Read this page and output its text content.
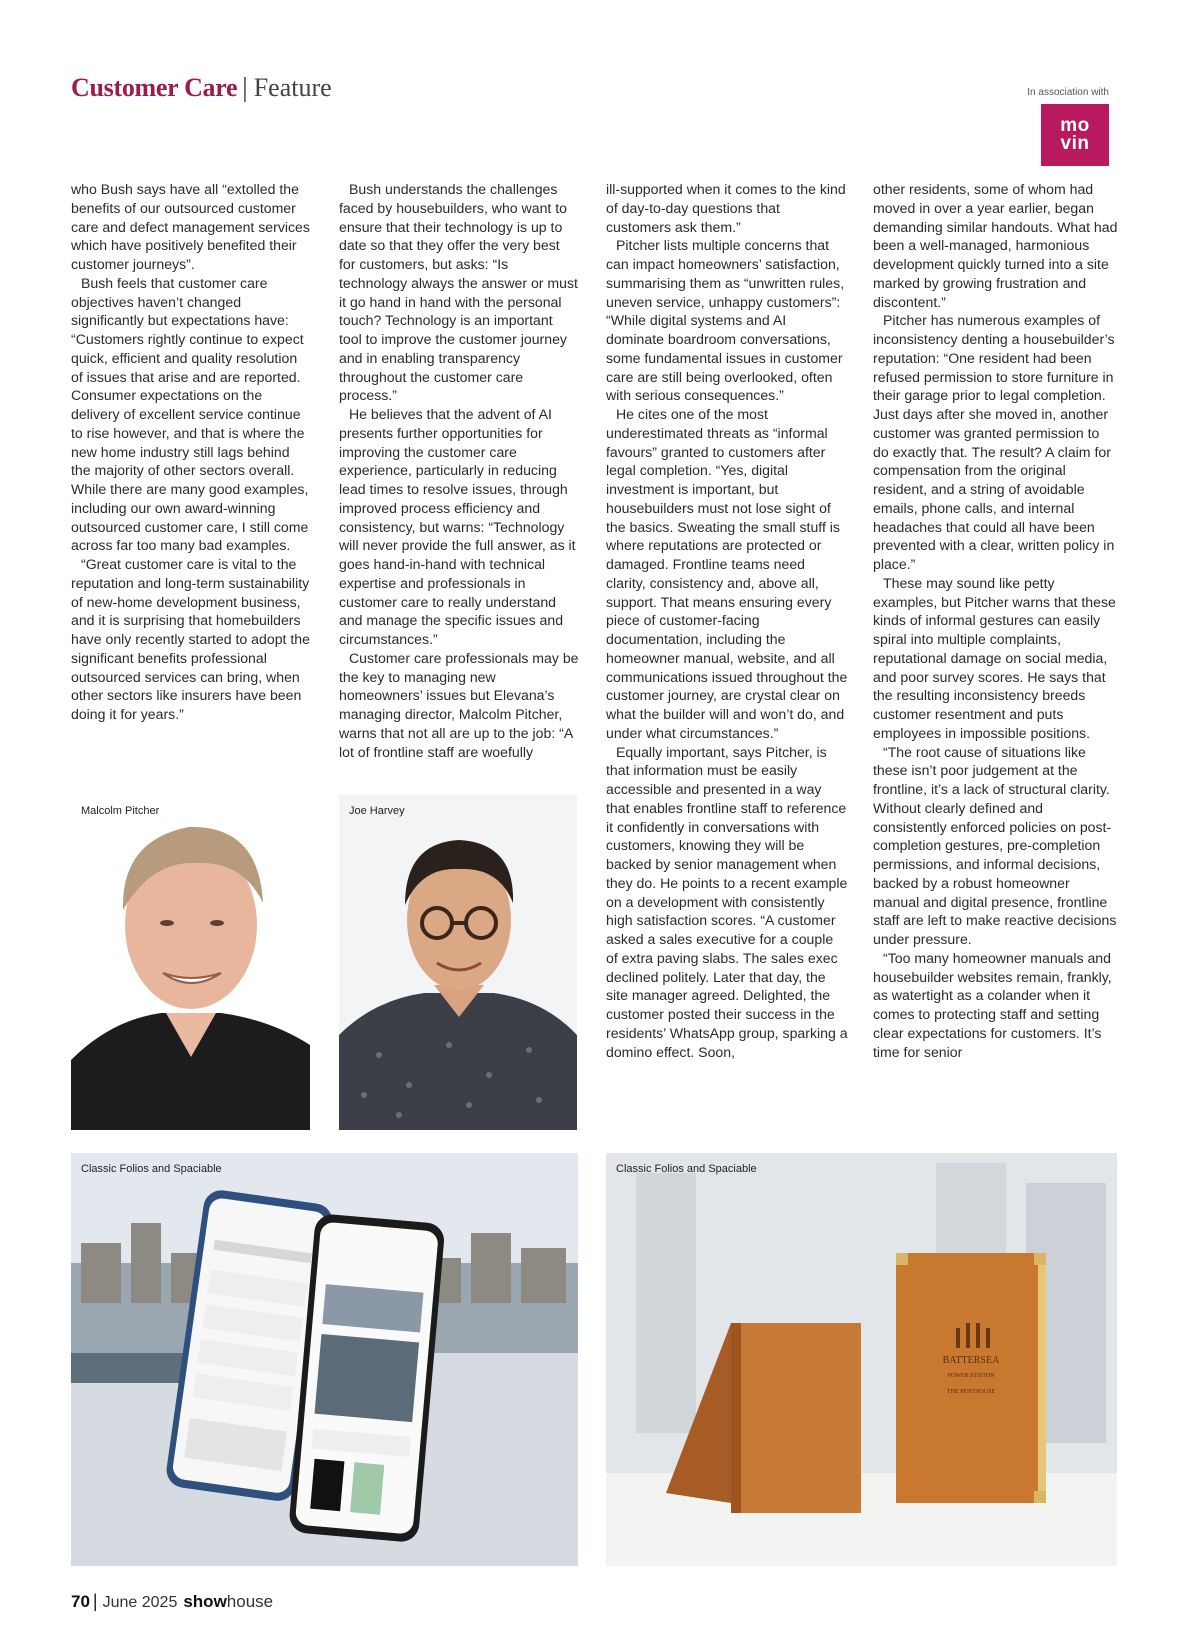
Customer Care | Feature	In association with
mo
vin

who Bush says have all “extolled the benefits of our outsourced customer care and defect management services which have positively benefited their customer journeys”.

Bush feels that customer care objectives haven’t changed significantly but expectations have: “Customers rightly continue to expect quick, efficient and quality resolution of issues that arise and are reported. Consumer expectations on the delivery of excellent service continue to rise however, and that is where the new home industry still lags behind the majority of other sectors overall. While there are many good examples, including our own award-winning outsourced customer care, I still come across far too many bad examples.

“Great customer care is vital to the reputation and long-term sustainability of new-home development business, and it is surprising that homebuilders have only recently started to adopt the significant benefits professional outsourced services can bring, when other sectors like insurers have been doing it for years.”

Bush understands the challenges faced by housebuilders, who want to ensure that their technology is up to date so that they offer the very best for customers, but asks: “Is technology always the answer or must it go hand in hand with the personal touch? Technology is an important tool to improve the customer journey and in enabling transparency throughout the customer care process.”

He believes that the advent of AI presents further opportunities for improving the customer care experience, particularly in reducing lead times to resolve issues, through improved process efficiency and consistency, but warns: “Technology will never provide the full answer, as it goes hand-in-hand with technical expertise and professionals in customer care to really understand and manage the specific issues and circumstances.”

Customer care professionals may be the key to managing new homeowners’ issues but Elevana’s managing director, Malcolm Pitcher, warns that not all are up to the job: “A lot of frontline staff are woefully

ill-supported when it comes to the kind of day-to-day questions that customers ask them.”

Pitcher lists multiple concerns that can impact homeowners’ satisfaction, summarising them as “unwritten rules, uneven service, unhappy customers”: “While digital systems and AI dominate boardroom conversations, some fundamental issues in customer care are still being overlooked, often with serious consequences.”

He cites one of the most underestimated threats as “informal favours” granted to customers after legal completion. “Yes, digital investment is important, but housebuilders must not lose sight of the basics. Sweating the small stuff is where reputations are protected or damaged. Frontline teams need clarity, consistency and, above all, support. That means ensuring every piece of customer-facing documentation, including the homeowner manual, website, and all communications issued throughout the customer journey, are crystal clear on what the builder will and won’t do, and under what circumstances.”

Equally important, says Pitcher, is that information must be easily accessible and presented in a way that enables frontline staff to reference it confidently in conversations with customers, knowing they will be backed by senior management when they do. He points to a recent example on a development with consistently high satisfaction scores. “A customer asked a sales executive for a couple of extra paving slabs. The sales exec declined politely. Later that day, the site manager agreed. Delighted, the customer posted their success in the residents’ WhatsApp group, sparking a domino effect. Soon,

other residents, some of whom had moved in over a year earlier, began demanding similar handouts. What had been a well-managed, harmonious development quickly turned into a site marked by growing frustration and discontent.”

Pitcher has numerous examples of inconsistency denting a housebuilder’s reputation: “One resident had been refused permission to store furniture in their garage prior to legal completion. Just days after she moved in, another customer was granted permission to do exactly that. The result? A claim for compensation from the original resident, and a string of avoidable emails, phone calls, and internal headaches that could all have been prevented with a clear, written policy in place.”

These may sound like petty examples, but Pitcher warns that these kinds of informal gestures can easily spiral into multiple complaints, reputational damage on social media, and poor survey scores. He says that the resulting inconsistency breeds customer resentment and puts employees in impossible positions.

“The root cause of situations like these isn’t poor judgement at the frontline, it’s a lack of structural clarity. Without clearly defined and consistently enforced policies on post-completion gestures, pre-completion permissions, and informal decisions, backed by a robust homeowner manual and digital presence, frontline staff are left to make reactive decisions under pressure.

“Too many homeowner manuals and housebuilder websites remain, frankly, as watertight as a colander when it comes to protecting staff and setting clear expectations for customers. It’s time for senior

Malcolm Pitcher	Joe Harvey
Classic Folios and Spaciable	Classic Folios and Spaciable
BATTERSEA
POWER STATION
THE PENTHOUSE
70 | June 2025 show house
